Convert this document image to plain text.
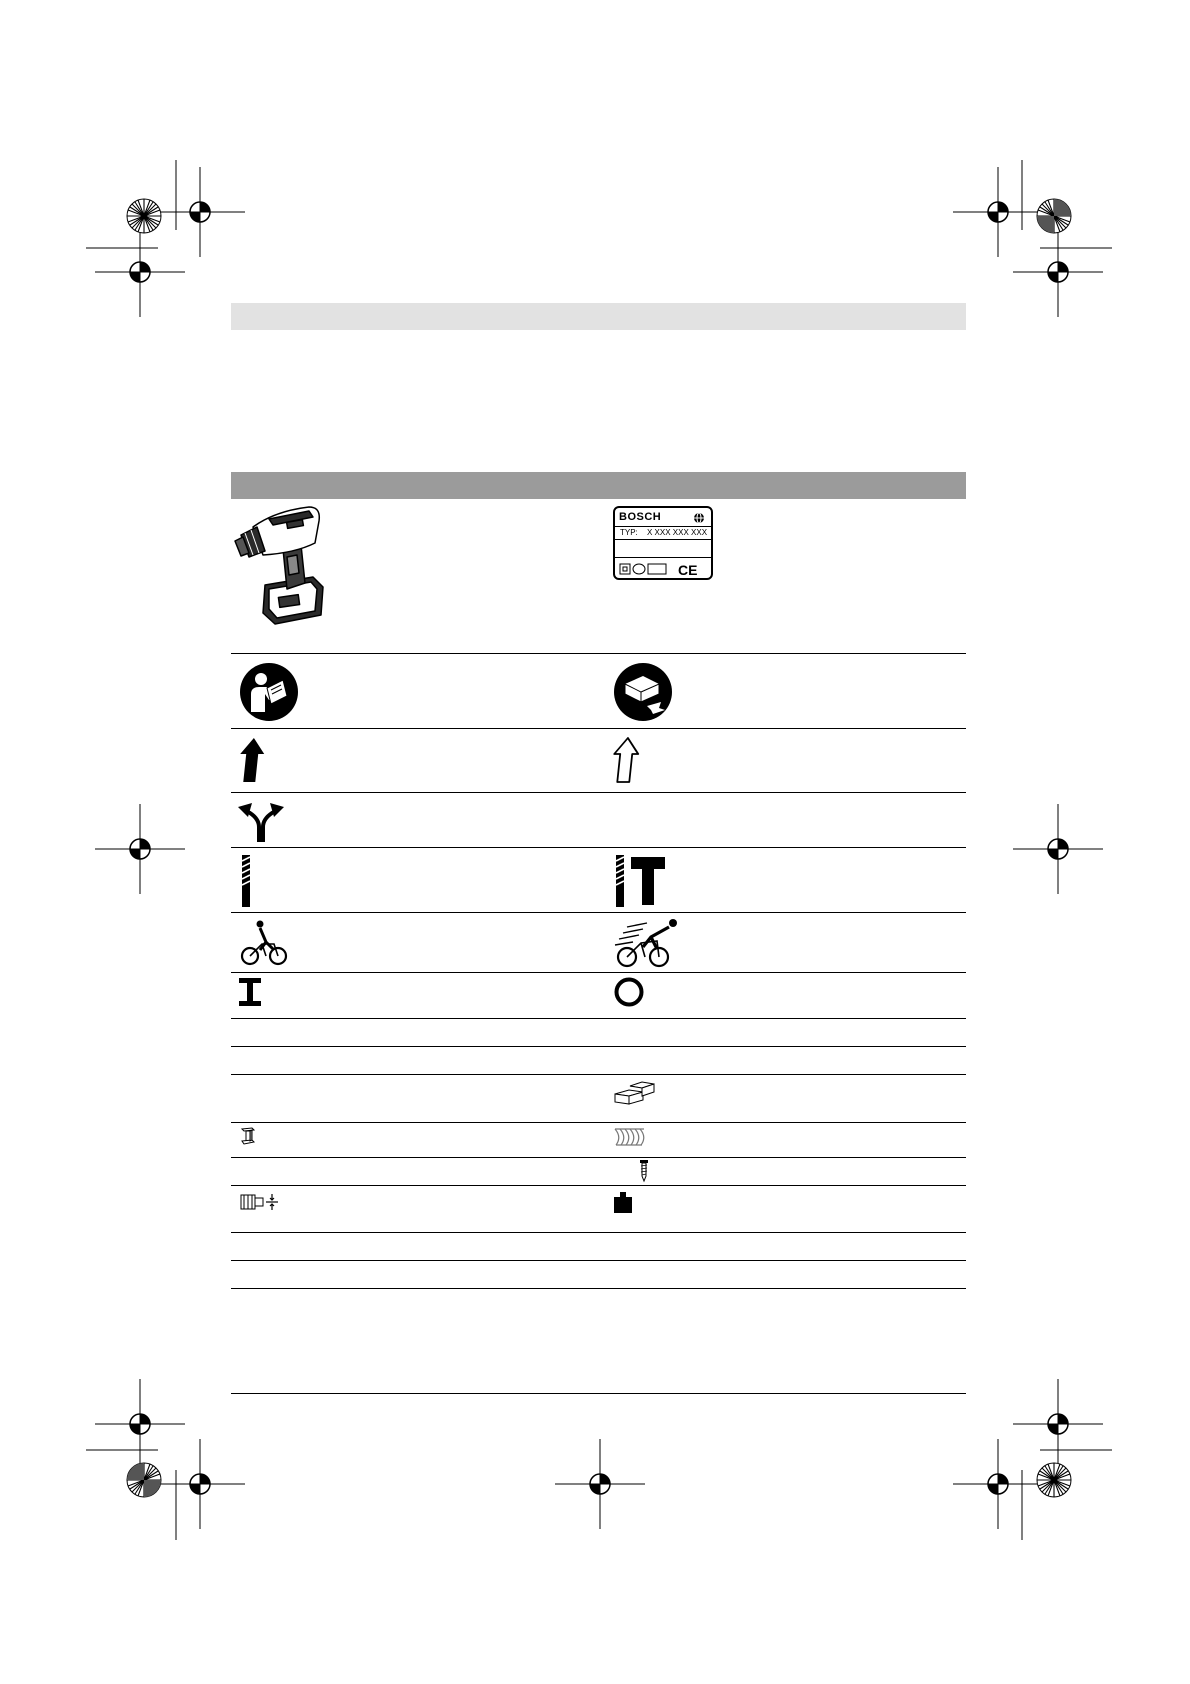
BOSCH
TYP: X XXX XXX XXX
CE
